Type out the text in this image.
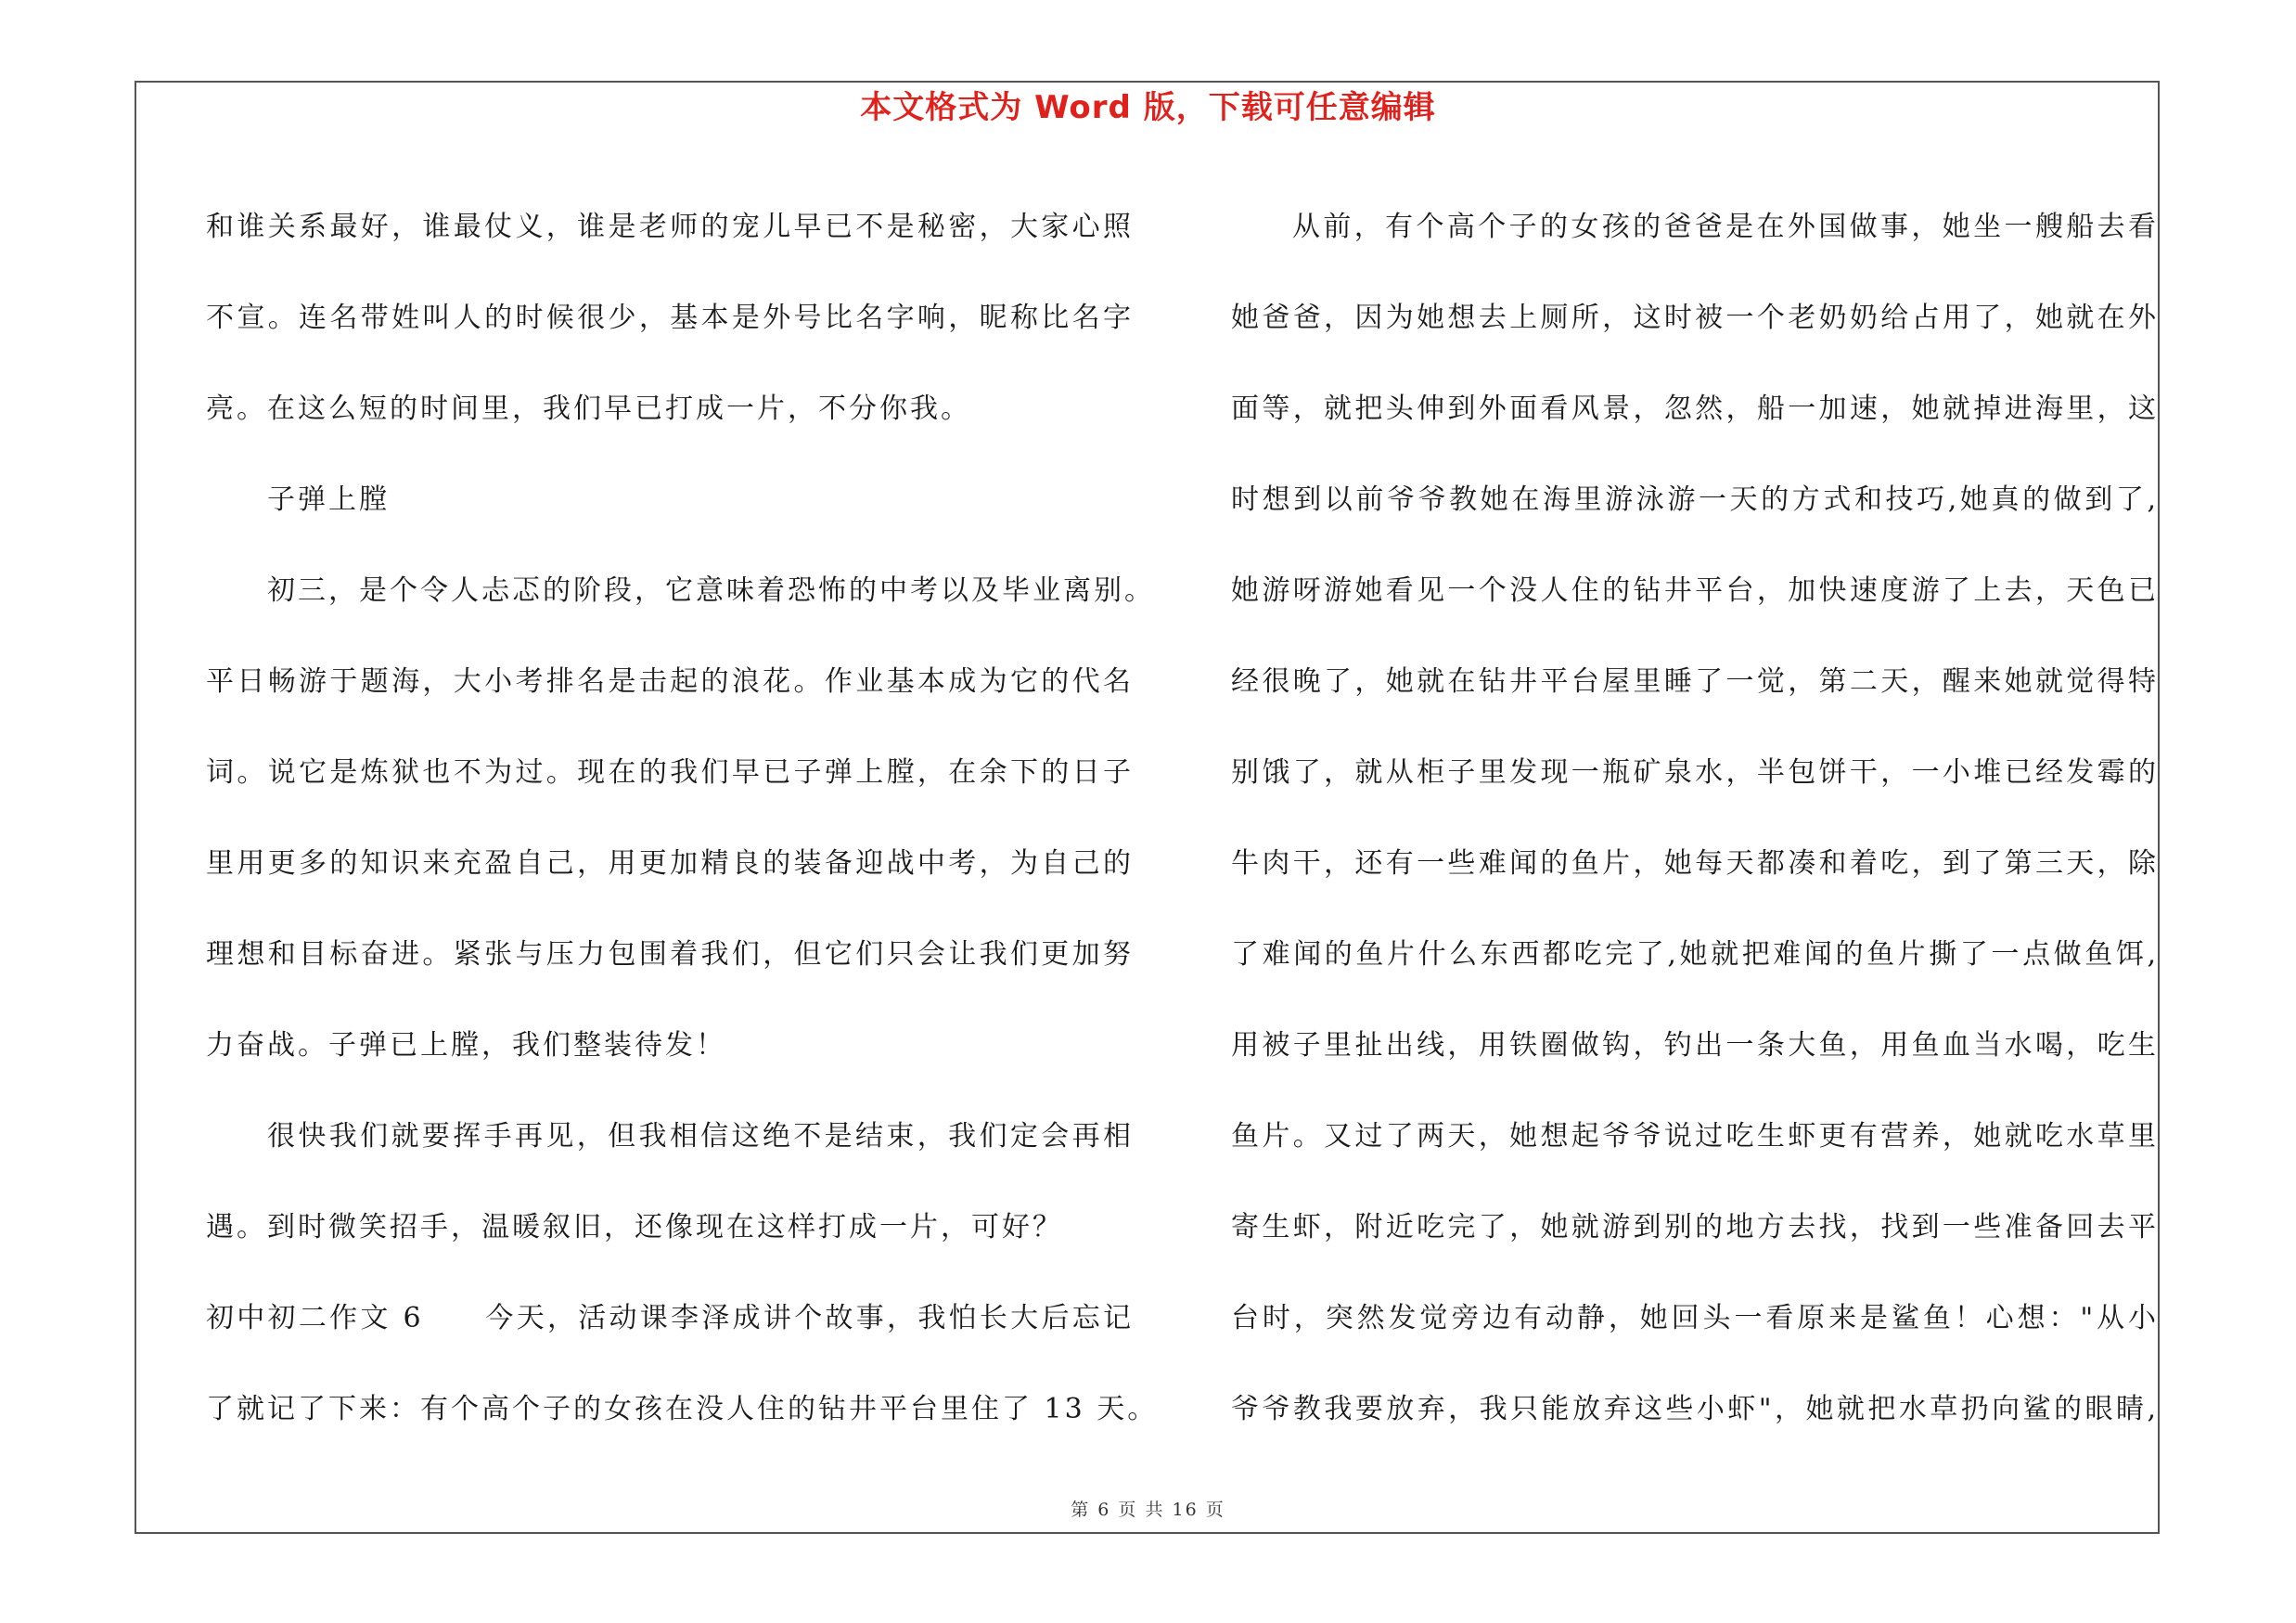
本文格式为 Word 版，下载可任意编辑
和谁关系最好，谁最仗义，谁是老师的宠儿早已不是秘密，大家心照
不宣。连名带姓叫人的时候很少，基本是外号比名字响，昵称比名字
亮。在这么短的时间里，我们早已打成一片，不分你我。
子弹上膛
初三，是个令人忐忑的阶段，它意味着恐怖的中考以及毕业离别。
平日畅游于题海，大小考排名是击起的浪花。作业基本成为它的代名
词。说它是炼狱也不为过。现在的我们早已子弹上膛，在余下的日子
里用更多的知识来充盈自己，用更加精良的装备迎战中考，为自己的
理想和目标奋进。紧张与压力包围着我们，但它们只会让我们更加努
力奋战。子弹已上膛，我们整装待发！
很快我们就要挥手再见，但我相信这绝不是结束，我们定会再相
遇。到时微笑招手，温暖叙旧，还像现在这样打成一片，可好？
初中初二作文 6　　今天，活动课李泽成讲个故事，我怕长大后忘记
了就记了下来：有个高个子的女孩在没人住的钻井平台里住了 13 天。
从前，有个高个子的女孩的爸爸是在外国做事，她坐一艘船去看
她爸爸，因为她想去上厕所，这时被一个老奶奶给占用了，她就在外
面等，就把头伸到外面看风景，忽然，船一加速，她就掉进海里，这
时想到以前爷爷教她在海里游泳游一天的方式和技巧,她真的做到了,
她游呀游她看见一个没人住的钻井平台，加快速度游了上去，天色已
经很晚了，她就在钻井平台屋里睡了一觉，第二天，醒来她就觉得特
别饿了，就从柜子里发现一瓶矿泉水，半包饼干，一小堆已经发霉的
牛肉干，还有一些难闻的鱼片，她每天都凑和着吃，到了第三天，除
了难闻的鱼片什么东西都吃完了,她就把难闻的鱼片撕了一点做鱼饵,
用被子里扯出线，用铁圈做钩，钓出一条大鱼，用鱼血当水喝，吃生
鱼片。又过了两天，她想起爷爷说过吃生虾更有营养，她就吃水草里
寄生虾，附近吃完了，她就游到别的地方去找，找到一些准备回去平
台时，突然发觉旁边有动静，她回头一看原来是鲨鱼！心想："从小
爷爷教我要放弃，我只能放弃这些小虾"，她就把水草扔向鲨的眼睛,
第 6 页 共 16 页
